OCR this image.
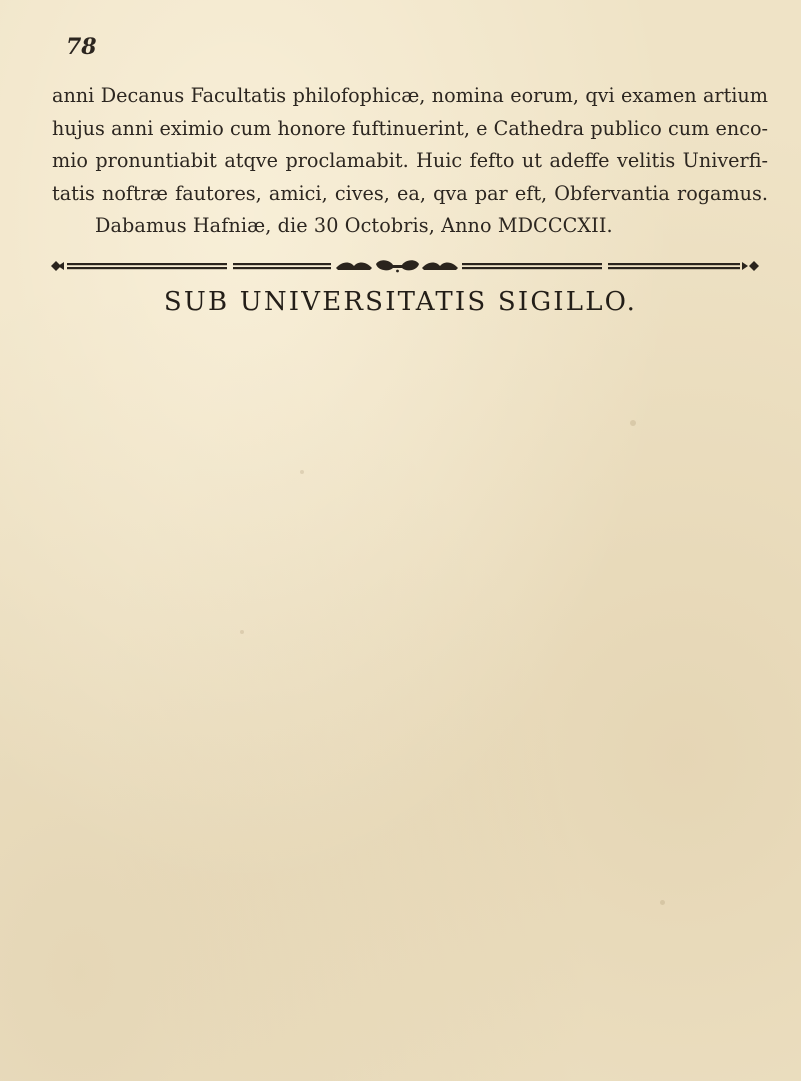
78
anni Decanus Facultatis philofophicæ, nomina eorum, qvi examen artium
hujus anni eximio cum honore fuftinuerint, e Cathedra publico cum enco-
mio pronuntiabit atqve proclamabit. Huic fefto ut adeffe velitis Univerfi-
tatis noftræ fautores, amici, cives, ea, qva par eft, Obfervantia rogamus.
Dabamus Hafniæ, die 30 Octobris, Anno MDCCCXII.
SUB UNIVERSITATIS SIGILLO.
